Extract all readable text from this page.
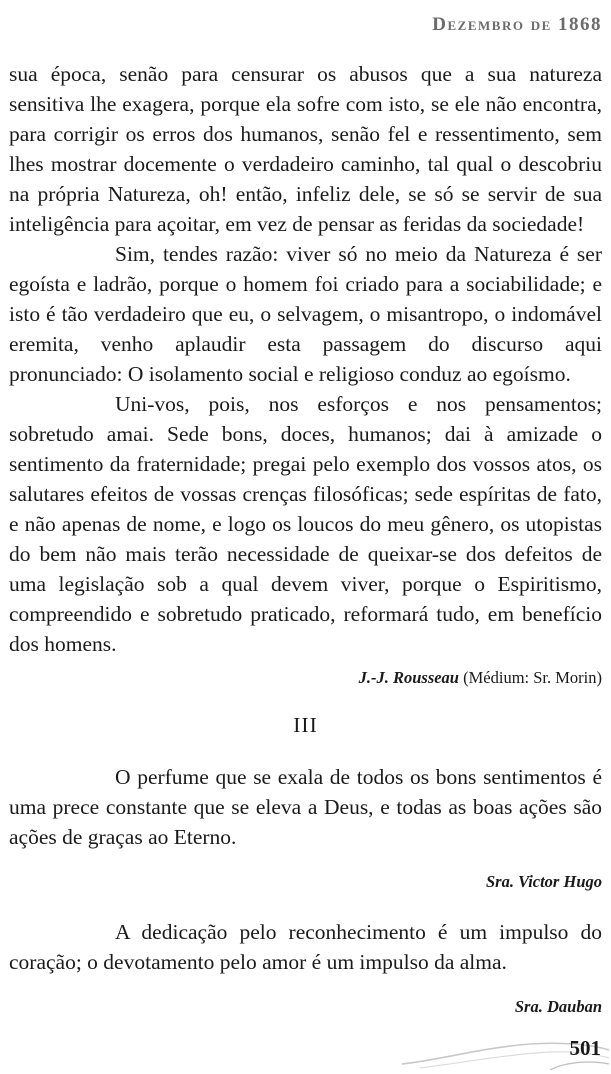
Dezembro de 1868

sua época, senão para censurar os abusos que a sua natureza sensitiva lhe exagera, porque ela sofre com isto, se ele não encontra, para corrigir os erros dos humanos, senão fel e ressentimento, sem lhes mostrar docemente o verdadeiro caminho, tal qual o descobriu na própria Natureza, oh! então, infeliz dele, se só se servir de sua inteligência para açoitar, em vez de pensar as feridas da sociedade!

Sim, tendes razão: viver só no meio da Natureza é ser egoísta e ladrão, porque o homem foi criado para a sociabilidade; e isto é tão verdadeiro que eu, o selvagem, o misantropo, o indomável eremita, venho aplaudir esta passagem do discurso aqui pronunciado: O isolamento social e religioso conduz ao egoísmo.

Uni-vos, pois, nos esforços e nos pensamentos; sobretudo amai. Sede bons, doces, humanos; dai à amizade o sentimento da fraternidade; pregai pelo exemplo dos vossos atos, os salutares efeitos de vossas crenças filosóficas; sede espíritas de fato, e não apenas de nome, e logo os loucos do meu gênero, os utopistas do bem não mais terão necessidade de queixar-se dos defeitos de uma legislação sob a qual devem viver, porque o Espiritismo, compreendido e sobretudo praticado, reformará tudo, em benefício dos homens.

J.-J. Rousseau (Médium: Sr. Morin)
III

O perfume que se exala de todos os bons sentimentos é uma prece constante que se eleva a Deus, e todas as boas ações são ações de graças ao Eterno.

Sra. Victor Hugo

A dedicação pelo reconhecimento é um impulso do coração; o devotamento pelo amor é um impulso da alma.

Sra. Dauban
501
